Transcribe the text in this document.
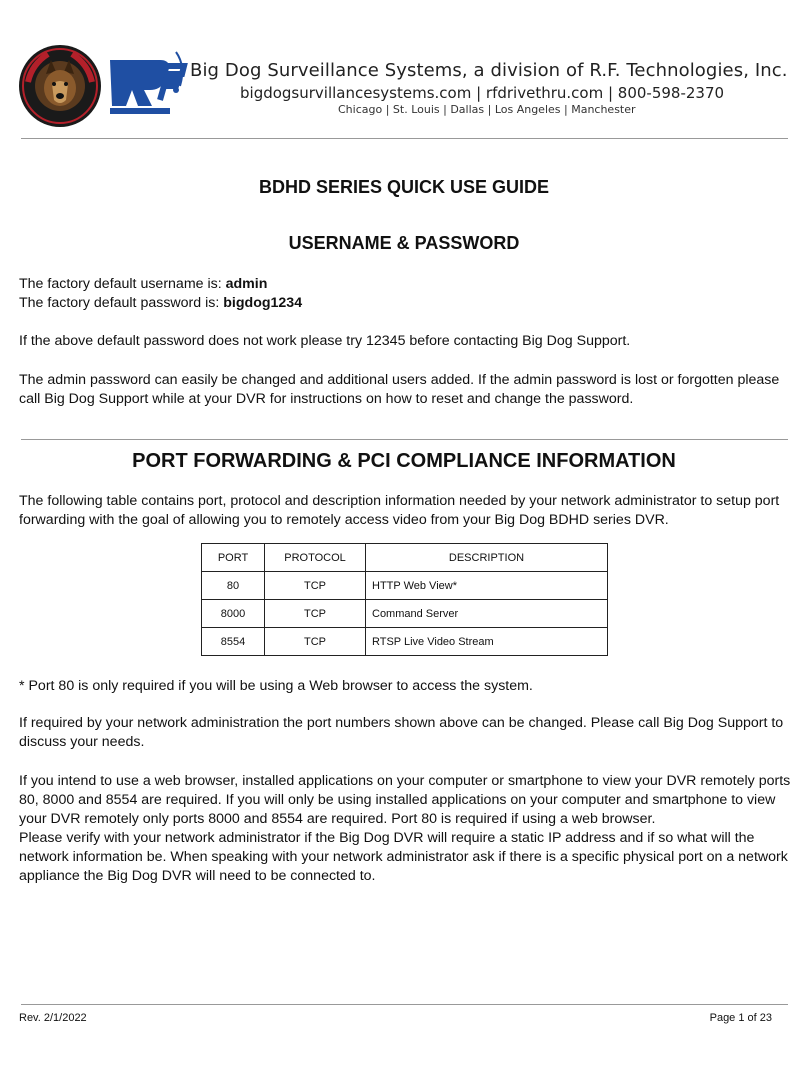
Big Dog Surveillance Systems, a division of R.F. Technologies, Inc.
bigdogsurvillancesystems.com | rfdrivethru.com | 800-598-2370
Chicago | St. Louis | Dallas | Los Angeles | Manchester
BDHD SERIES QUICK USE GUIDE
USERNAME & PASSWORD
The factory default username is: admin
The factory default password is: bigdog1234
If the above default password does not work please try 12345 before contacting Big Dog Support.
The admin password can easily be changed and additional users added. If the admin password is lost or forgotten please call Big Dog Support while at your DVR for instructions on how to reset and change the password.
PORT FORWARDING & PCI COMPLIANCE INFORMATION
The following table contains port, protocol and description information needed by your network administrator to setup port forwarding with the goal of allowing you to remotely access video from your Big Dog BDHD series DVR.
PORT	PROTOCOL	DESCRIPTION
80	TCP	HTTP Web View*
8000	TCP	Command Server
8554	TCP	RTSP Live Video Stream
* Port 80 is only required if you will be using a Web browser to access the system.
If required by your network administration the port numbers shown above can be changed. Please call Big Dog Support to discuss your needs.
If you intend to use a web browser, installed applications on your computer or smartphone to view your DVR remotely ports 80, 8000 and 8554 are required. If you will only be using installed applications on your computer and smartphone to view your DVR remotely only ports 8000 and 8554 are required. Port 80 is required if using a web browser.
Please verify with your network administrator if the Big Dog DVR will require a static IP address and if so what will the network information be. When speaking with your network administrator ask if there is a specific physical port on a network appliance the Big Dog DVR will need to be connected to.
Rev. 2/1/2022	Page 1 of 23
